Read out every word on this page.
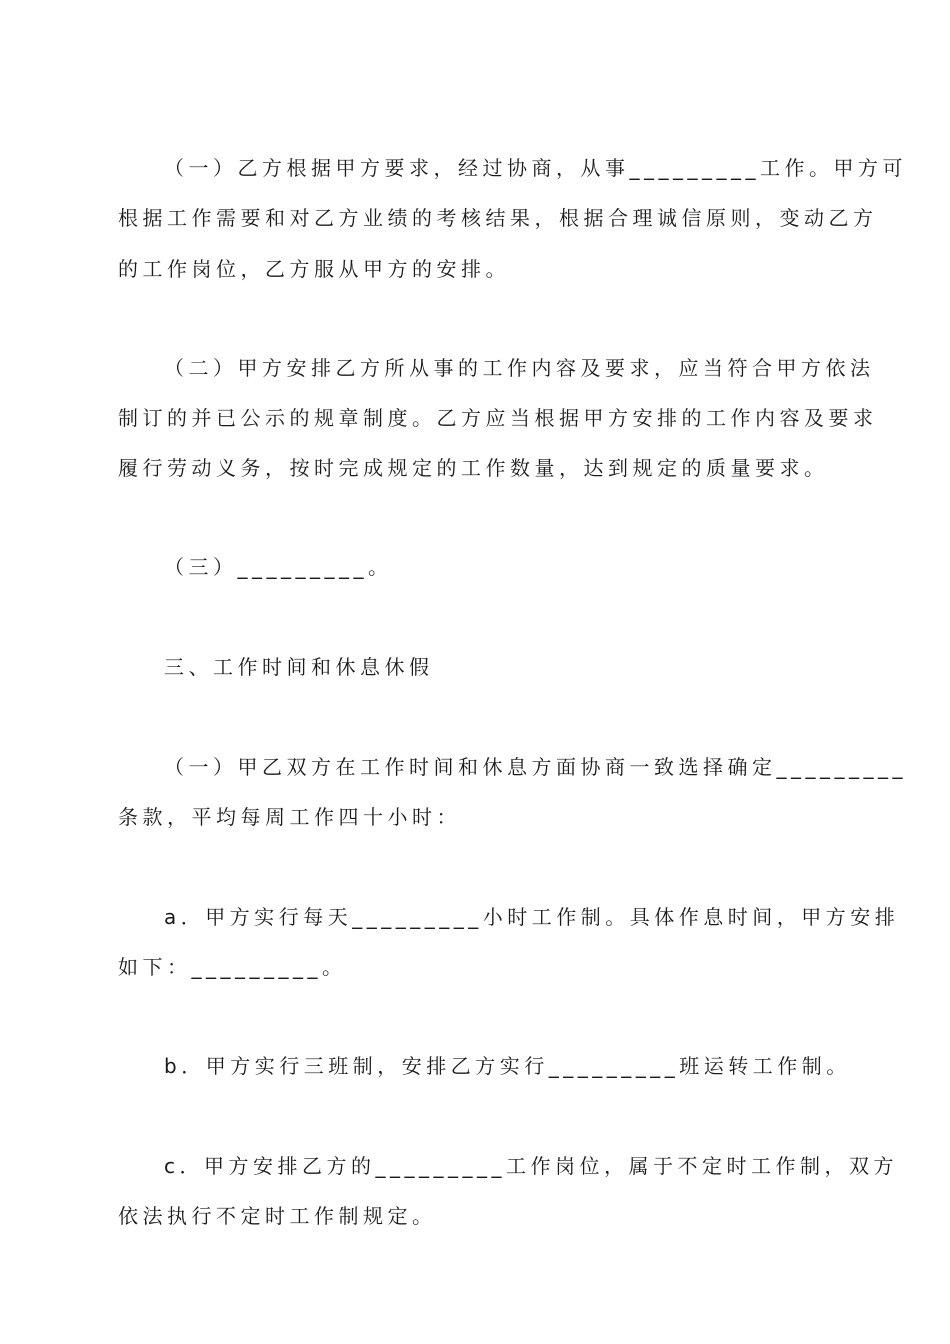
（一）乙方根据甲方要求，经过协商，从事_________工作。甲方可
根据工作需要和对乙方业绩的考核结果，根据合理诚信原则，变动乙方
的工作岗位，乙方服从甲方的安排。
（二）甲方安排乙方所从事的工作内容及要求，应当符合甲方依法
制订的并已公示的规章制度。乙方应当根据甲方安排的工作内容及要求
履行劳动义务，按时完成规定的工作数量，达到规定的质量要求。
（三）_________。
三、工作时间和休息休假
（一）甲乙双方在工作时间和休息方面协商一致选择确定_________
条款，平均每周工作四十小时：
a．甲方实行每天_________小时工作制。具体作息时间，甲方安排
如下：_________。
b．甲方实行三班制，安排乙方实行_________班运转工作制。
c．甲方安排乙方的_________工作岗位，属于不定时工作制，双方
依法执行不定时工作制规定。
